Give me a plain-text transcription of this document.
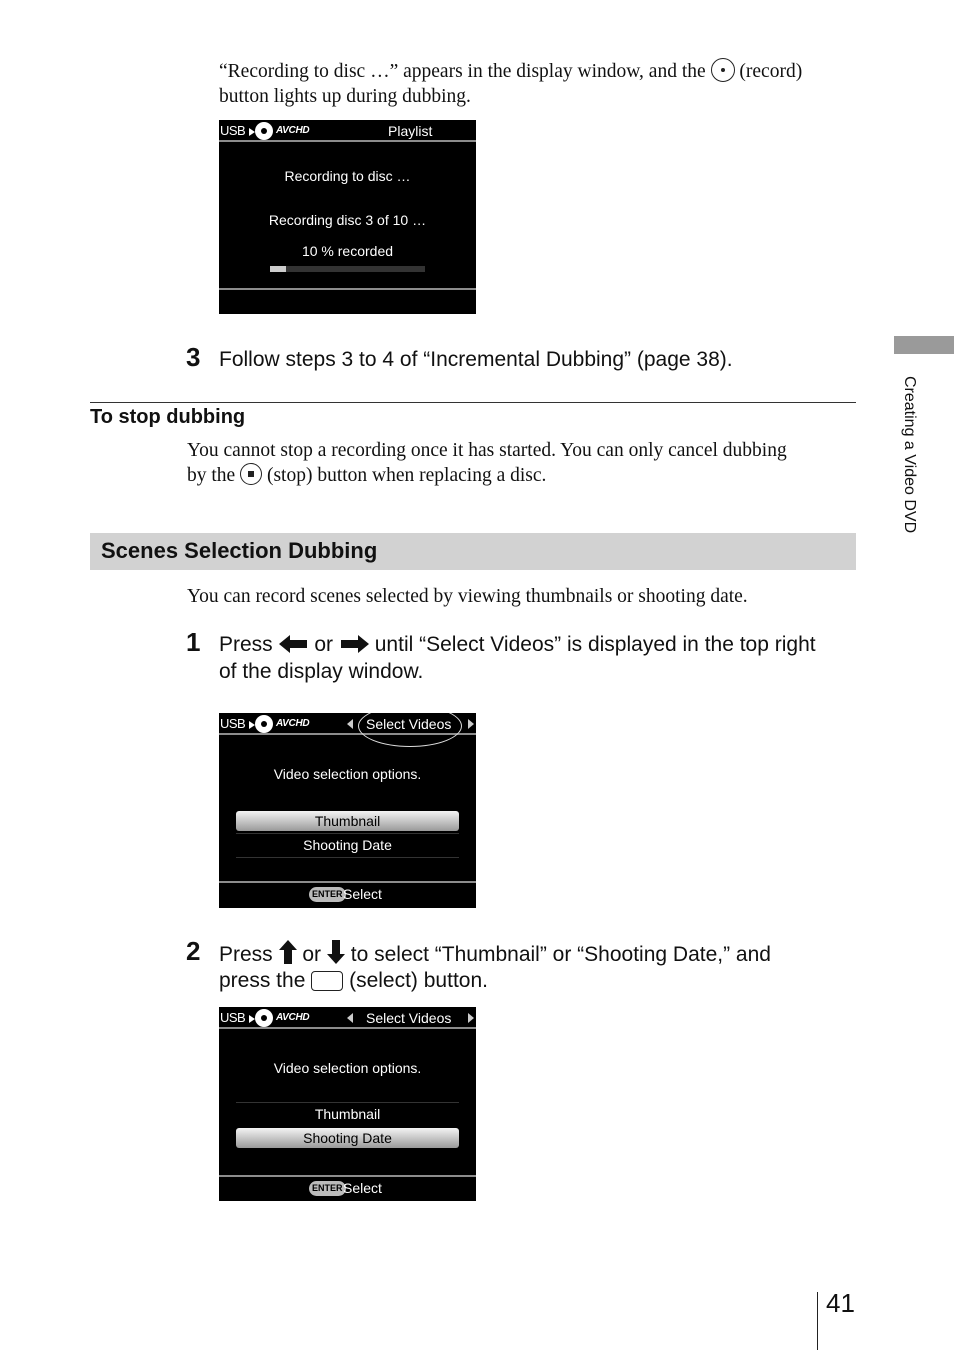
“Recording to disc …” appears in the display window, and the (record)
button lights up during dubbing.
USB	AVCHD	Playlist
Recording to disc …
Recording disc 3 of 10 …
10 % recorded
3 Follow steps 3 to 4 of “Incremental Dubbing” (page 38).
To stop dubbing
You cannot stop a recording once it has started. You can only cancel dubbing
by the (stop) button when replacing a disc.
Scenes Selection Dubbing
You can record scenes selected by viewing thumbnails or shooting date.
1 Press or until “Select Videos” is displayed in the top right
of the display window.
USB	AVCHD	Select Videos
Video selection options.
Thumbnail
Shooting Date
ENTER Select
2 Press or to select “Thumbnail” or “Shooting Date,” and
press the (select) button.
USB	AVCHD	Select Videos
Video selection options.
Thumbnail
Shooting Date
ENTER Select
Creating a Video DVD
41
